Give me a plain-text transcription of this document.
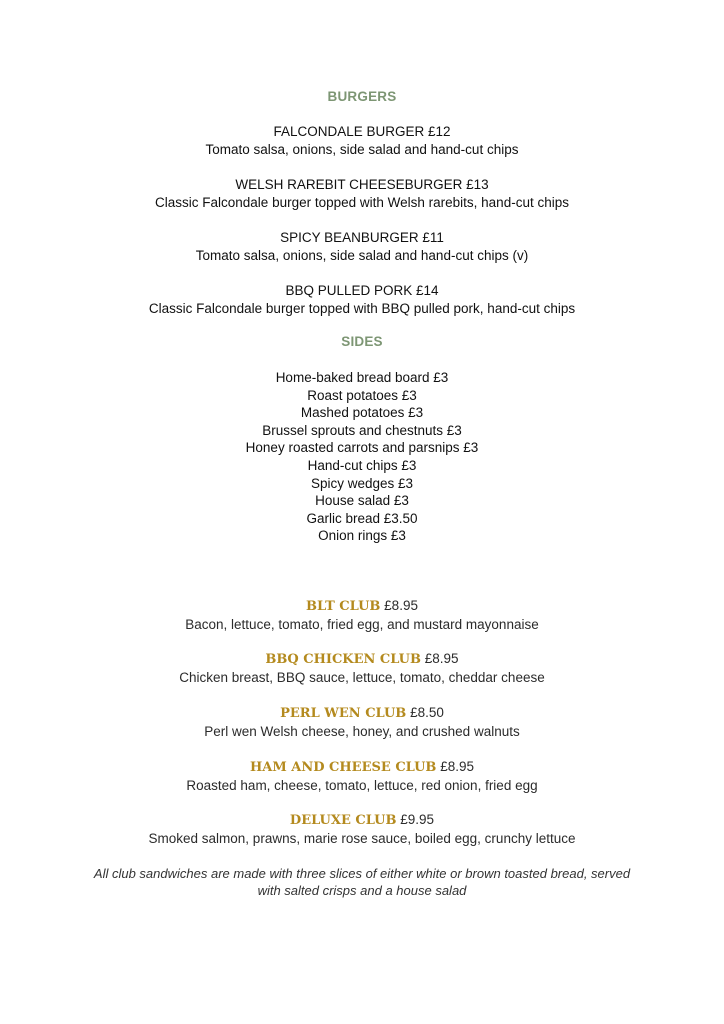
BURGERS
FALCONDALE BURGER £12
Tomato salsa, onions, side salad and hand-cut chips
WELSH RAREBIT CHEESEBURGER £13
Classic Falcondale burger topped with Welsh rarebits, hand-cut chips
SPICY BEANBURGER £11
Tomato salsa, onions, side salad and hand-cut chips (v)
BBQ PULLED PORK £14
Classic Falcondale burger topped with BBQ pulled pork, hand-cut chips
SIDES
Home-baked bread board £3
Roast potatoes £3
Mashed potatoes £3
Brussel sprouts and chestnuts £3
Honey roasted carrots and parsnips £3
Hand-cut chips £3
Spicy wedges £3
House salad £3
Garlic bread £3.50
Onion rings £3
BLT CLUB £8.95
Bacon, lettuce, tomato, fried egg, and mustard mayonnaise
BBQ CHICKEN CLUB £8.95
Chicken breast, BBQ sauce, lettuce, tomato, cheddar cheese
PERL WEN CLUB £8.50
Perl wen Welsh cheese, honey, and crushed walnuts
HAM AND CHEESE CLUB £8.95
Roasted ham, cheese, tomato, lettuce, red onion, fried egg
DELUXE CLUB £9.95
Smoked salmon, prawns, marie rose sauce, boiled egg, crunchy lettuce
All club sandwiches are made with three slices of either white or brown toasted bread, served
with salted crisps and a house salad
